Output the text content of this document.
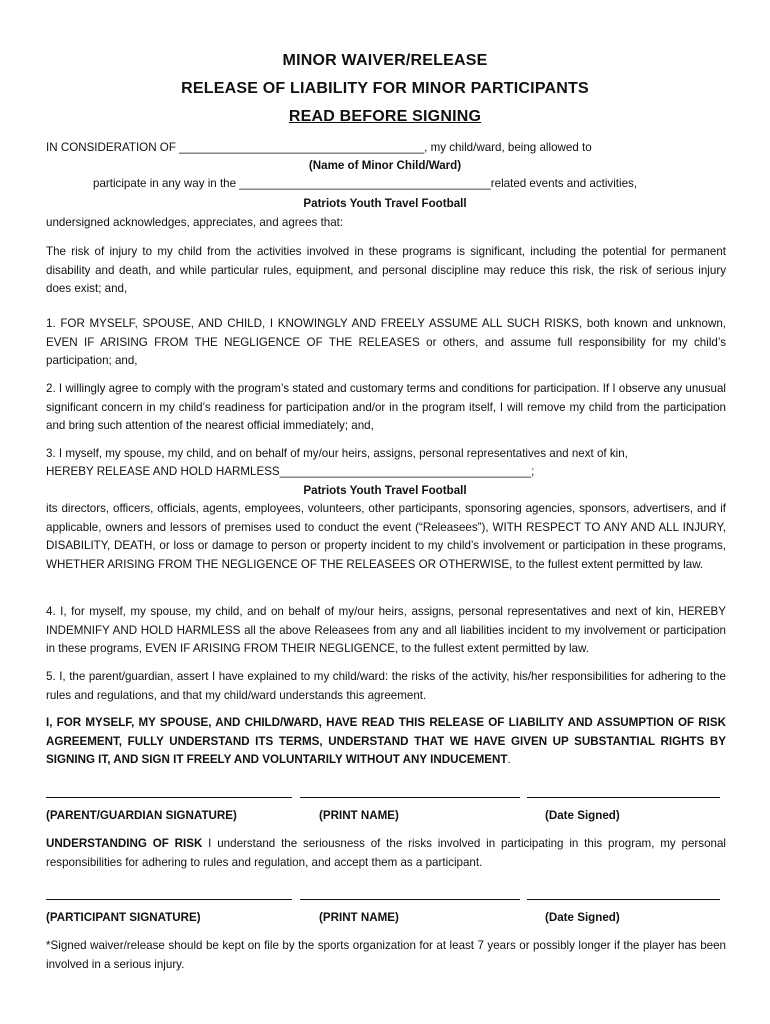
MINOR WAIVER/RELEASE
RELEASE OF LIABILITY FOR MINOR PARTICIPANTS
READ BEFORE SIGNING
IN CONSIDERATION OF ______________________________________, my child/ward, being allowed to
(Name of Minor Child/Ward)
participate in any way in the _______________________________________related events and activities,
Patriots Youth Travel Football
undersigned acknowledges, appreciates, and agrees that:
The risk of injury to my child from the activities involved in these programs is significant, including the potential for permanent disability and death, and while particular rules, equipment, and personal discipline may reduce this risk, the risk of serious injury does exist; and,
1. FOR MYSELF, SPOUSE, AND CHILD, I KNOWINGLY AND FREELY ASSUME ALL SUCH RISKS, both known and unknown, EVEN IF ARISING FROM THE NEGLIGENCE OF THE RELEASES or others, and assume full responsibility for my child’s participation; and,
2. I willingly agree to comply with the program’s stated and customary terms and conditions for participation. If I observe any unusual significant concern in my child’s readiness for participation and/or in the program itself, I will remove my child from the participation and bring such attention of the nearest official immediately; and,
3. I myself, my spouse, my child, and on behalf of my/our heirs, assigns, personal representatives and next of kin,
HEREBY RELEASE AND HOLD HARMLESS_______________________________________;
Patriots Youth Travel Football
its directors, officers, officials, agents, employees, volunteers, other participants, sponsoring agencies, sponsors, advertisers, and if applicable, owners and lessors of premises used to conduct the event (“Releasees”), WITH RESPECT TO ANY AND ALL INJURY, DISABILITY, DEATH, or loss or damage to person or property incident to my child’s involvement or participation in these programs, WHETHER ARISING FROM THE NEGLIGENCE OF THE RELEASEES OR OTHERWISE, to the fullest extent permitted by law.
4. I, for myself, my spouse, my child, and on behalf of my/our heirs, assigns, personal representatives and next of kin, HEREBY INDEMNIFY AND HOLD HARMLESS all the above Releasees from any and all liabilities incident to my involvement or participation in these programs, EVEN IF ARISING FROM THEIR NEGLIGENCE, to the fullest extent permitted by law.
5. I, the parent/guardian, assert I have explained to my child/ward: the risks of the activity, his/her responsibilities for adhering to the rules and regulations, and that my child/ward understands this agreement.
I, FOR MYSELF, MY SPOUSE, AND CHILD/WARD, HAVE READ THIS RELEASE OF LIABILITY AND ASSUMPTION OF RISK AGREEMENT, FULLY UNDERSTAND ITS TERMS, UNDERSTAND THAT WE HAVE GIVEN UP SUBSTANTIAL RIGHTS BY SIGNING IT, AND SIGN IT FREELY AND VOLUNTARILY WITHOUT ANY INDUCEMENT.
(PARENT/GUARDIAN SIGNATURE)	(PRINT NAME)	(Date Signed)
UNDERSTANDING OF RISK I understand the seriousness of the risks involved in participating in this program, my personal responsibilities for adhering to rules and regulation, and accept them as a participant.
(PARTICIPANT SIGNATURE)	(PRINT NAME)	(Date Signed)
*Signed waiver/release should be kept on file by the sports organization for at least 7 years or possibly longer if the player has been involved in a serious injury.
